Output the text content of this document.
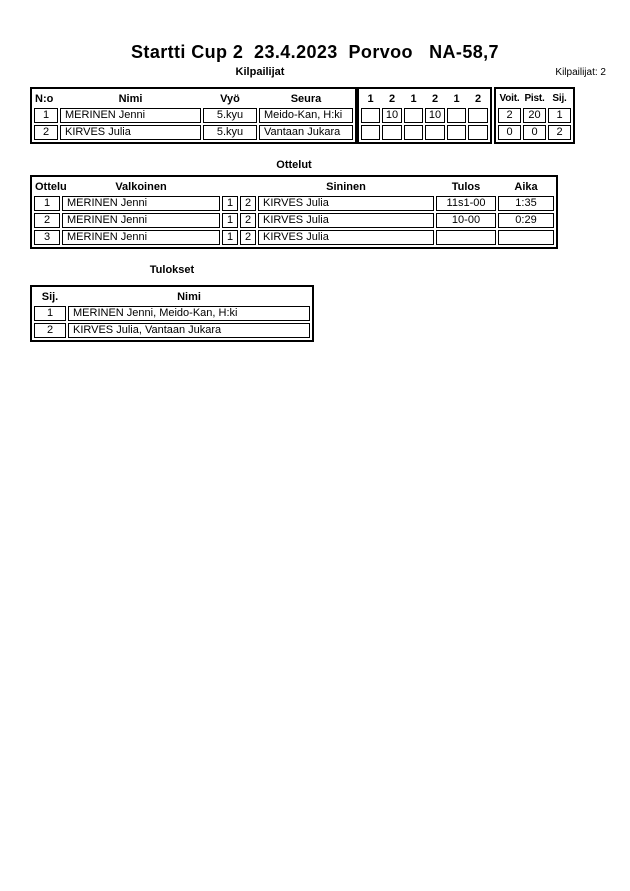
Startti Cup 2  23.4.2023  Porvoo   NA-58,7
Kilpailijat	Kilpailijat: 2
N:o	Nimi	Vyö	Seura
1	MERINEN Jenni	5.kyu	Meido-Kan, H:ki
2	KIRVES Julia	5.kyu	Vantaan Jukara
1	2	1	2	1	2
	10		10		

Voit.	Pist.	Sij.
2	20	1
0	0	2
Ottelut
Ottelu	Valkoinen			Sininen	Tulos	Aika
1	MERINEN Jenni	1	2	KIRVES Julia	11s1-00	1:35
2	MERINEN Jenni	1	2	KIRVES Julia	10-00	0:29
3	MERINEN Jenni	1	2	KIRVES Julia		
Tulokset
Sij.	Nimi
1	MERINEN Jenni, Meido-Kan, H:ki
2	KIRVES Julia, Vantaan Jukara
